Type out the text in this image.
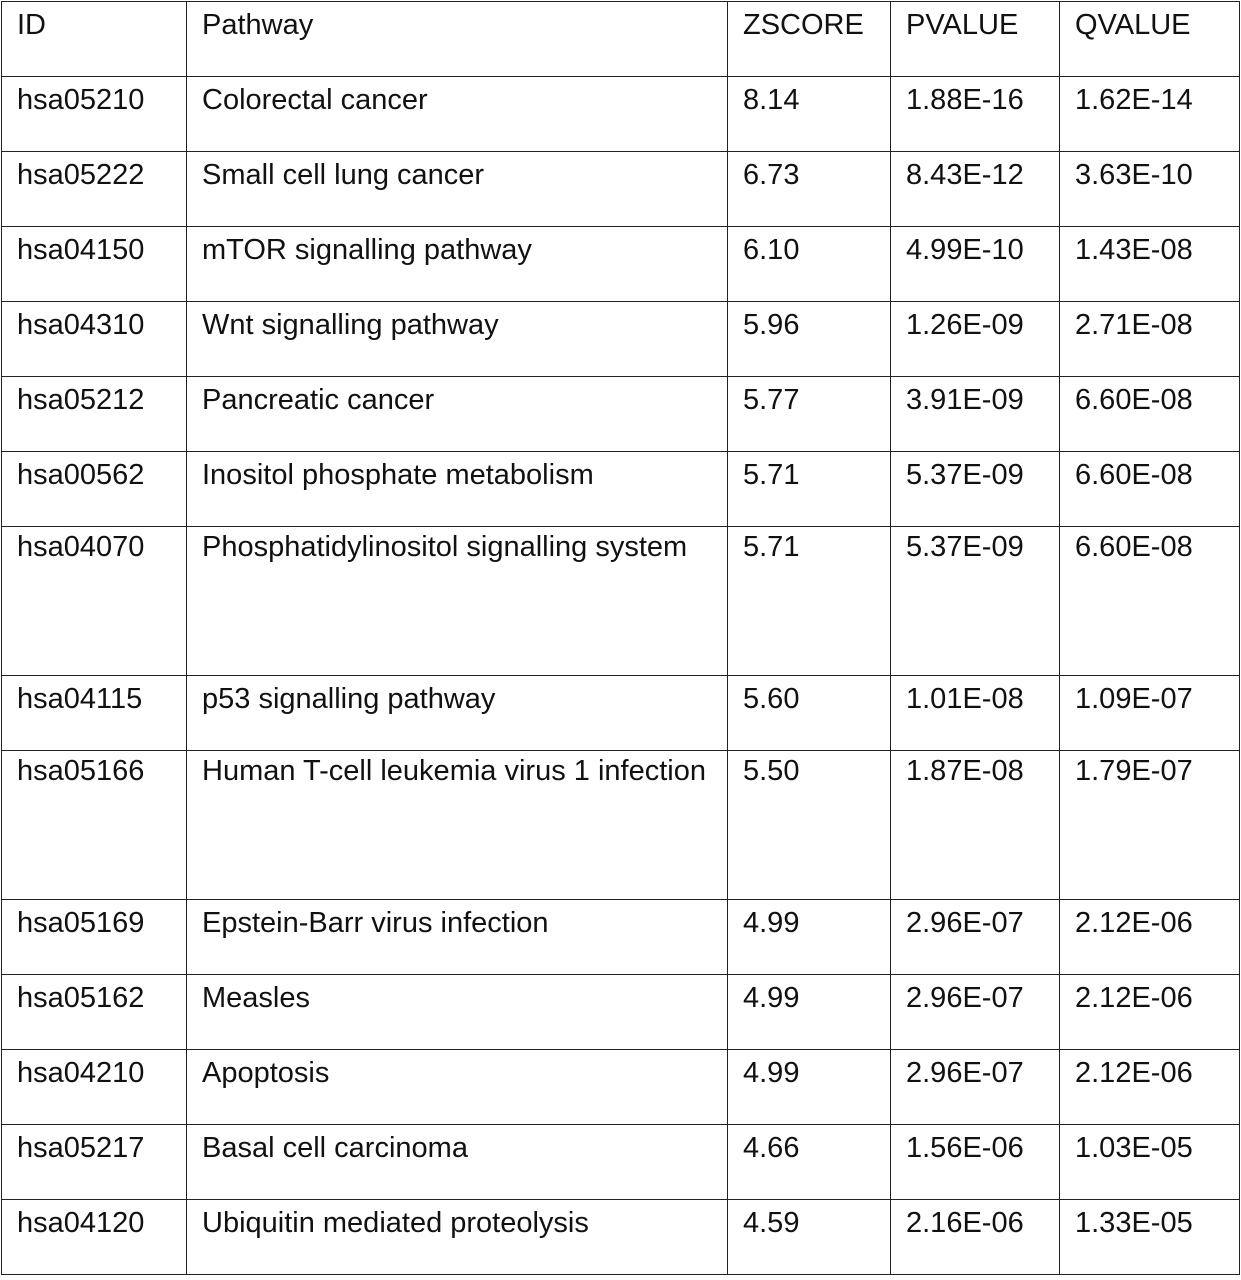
ID	Pathway	ZSCORE	PVALUE	QVALUE
hsa05210	Colorectal cancer	8.14	1.88E-16	1.62E-14
hsa05222	Small cell lung cancer	6.73	8.43E-12	3.63E-10
hsa04150	mTOR signalling pathway	6.10	4.99E-10	1.43E-08
hsa04310	Wnt signalling pathway	5.96	1.26E-09	2.71E-08
hsa05212	Pancreatic cancer	5.77	3.91E-09	6.60E-08
hsa00562	Inositol phosphate metabolism	5.71	5.37E-09	6.60E-08

hsa04070	Phosphatidylinositol signalling system	5.71	5.37E-09	6.60E-08

hsa04115	p53 signalling pathway	5.60	1.01E-08	1.09E-07

hsa05166	Human T-cell leukemia virus 1 infection	5.50	1.87E-08	1.79E-07

hsa05169	Epstein-Barr virus infection	4.99	2.96E-07	2.12E-06
hsa05162	Measles	4.99	2.96E-07	2.12E-06
hsa04210	Apoptosis	4.99	2.96E-07	2.12E-06
hsa05217	Basal cell carcinoma	4.66	1.56E-06	1.03E-05
hsa04120	Ubiquitin mediated proteolysis	4.59	2.16E-06	1.33E-05
